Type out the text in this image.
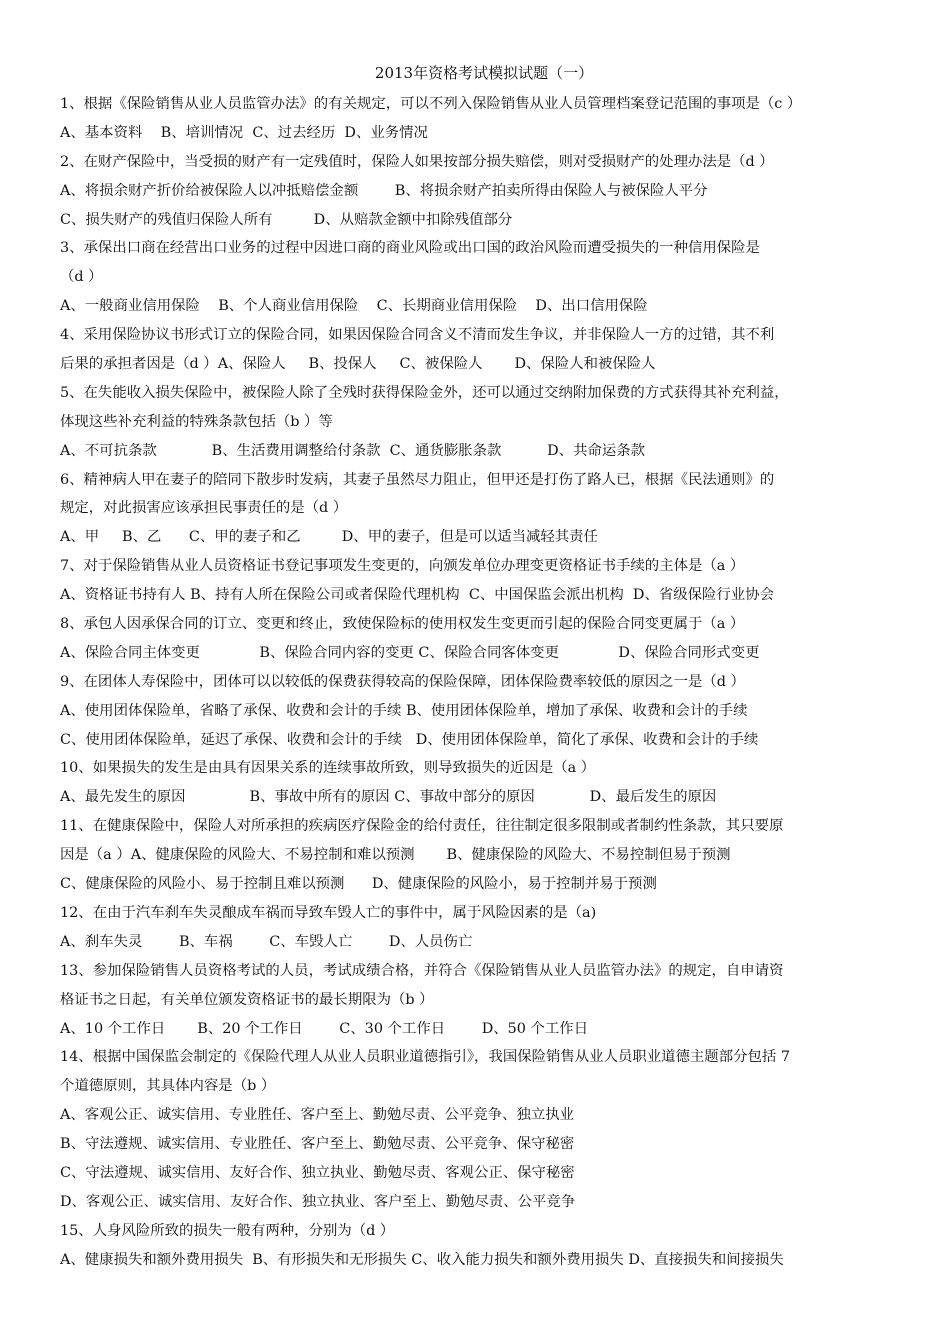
2013年资格考试模拟试题（一）
1、根据《保险销售从业人员监管办法》的有关规定，可以不列入保险销售从业人员管理档案登记范围的事项是（c ）
A、基本资料    B、培训情况  C、过去经历  D、业务情况
2、在财产保险中，当受损的财产有一定残值时，保险人如果按部分损失赔偿，则对受损财产的处理办法是（d ）
A、将损余财产折价给被保险人以冲抵赔偿金额        B、将损余财产拍卖所得由保险人与被保险人平分
C、损失财产的残值归保险人所有         D、从赔款金额中扣除残值部分
3、承保出口商在经营出口业务的过程中因进口商的商业风险或出口国的政治风险而遭受损失的一种信用保险是
（d ）
A、一般商业信用保险    B、个人商业信用保险    C、长期商业信用保险    D、出口信用保险
4、采用保险协议书形式订立的保险合同，如果因保险合同含义不清而发生争议，并非保险人一方的过错，其不利
后果的承担者因是（d ）A、保险人     B、投保人     C、被保险人       D、保险人和被保险人
5、在失能收入损失保险中，被保险人除了全残时获得保险金外，还可以通过交纳附加保费的方式获得其补充利益，
体现这些补充利益的特殊条款包括（b ）等
A、不可抗条款            B、生活费用调整给付条款  C、通货膨胀条款          D、共命运条款
6、精神病人甲在妻子的陪同下散步时发病，其妻子虽然尽力阻止，但甲还是打伤了路人已，根据《民法通则》的
规定，对此损害应该承担民事责任的是（d ）
A、甲     B、乙      C、甲的妻子和乙         D、甲的妻子，但是可以适当减轻其责任
7、对于保险销售从业人员资格证书登记事项发生变更的，向颁发单位办理变更资格证书手续的主体是（a ）
A、资格证书持有人 B、持有人所在保险公司或者保险代理机构  C、中国保监会派出机构  D、省级保险行业协会
8、承包人因承保合同的订立、变更和终止，致使保险标的使用权发生变更而引起的保险合同变更属于（a ）
A、保险合同主体变更             B、保险合同内容的变更 C、保险合同客体变更             D、保险合同形式变更
9、在团体人寿保险中，团体可以以较低的保费获得较高的保险保障，团体保险费率较低的原因之一是（d ）
A、使用团体保险单，省略了承保、收费和会计的手续 B、使用团体保险单，增加了承保、收费和会计的手续
C、使用团体保险单，延迟了承保、收费和会计的手续   D、使用团体保险单，简化了承保、收费和会计的手续
10、如果损失的发生是由具有因果关系的连续事故所致，则导致损失的近因是（a ）
A、最先发生的原因              B、事故中所有的原因 C、事故中部分的原因            D、最后发生的原因
11、在健康保险中，保险人对所承担的疾病医疗保险金的给付责任，往往制定很多限制或者制约性条款，其只要原
因是（a ）A、健康保险的风险大、不易控制和难以预测       B、健康保险的风险大、不易控制但易于预测
C、健康保险的风险小、易于控制且难以预测      D、健康保险的风险小，易于控制并易于预测
12、在由于汽车刹车失灵酿成车祸而导致车毁人亡的事件中，属于风险因素的是（a)
A、刹车失灵        B、车祸        C、车毁人亡        D、人员伤亡
13、参加保险销售人员资格考试的人员，考试成绩合格，并符合《保险销售从业人员监管办法》的规定，自申请资
格证书之日起，有关单位颁发资格证书的最长期限为（b ）
A、10 个工作日       B、20 个工作日        C、30 个工作日        D、50 个工作日
14、根据中国保监会制定的《保险代理人从业人员职业道德指引》，我国保险销售从业人员职业道德主题部分包括 7
个道德原则，其具体内容是（b ）
A、客观公正、诚实信用、专业胜任、客户至上、勤勉尽责、公平竞争、独立执业
B、守法遵规、诚实信用、专业胜任、客户至上、勤勉尽责、公平竞争、保守秘密
C、守法遵规、诚实信用、友好合作、独立执业、勤勉尽责、客观公正、保守秘密
D、客观公正、诚实信用、友好合作、独立执业、客户至上、勤勉尽责、公平竞争
15、人身风险所致的损失一般有两种，分别为（d ）
A、健康损失和额外费用损失  B、有形损失和无形损失 C、收入能力损失和额外费用损失 D、直接损失和间接损失
